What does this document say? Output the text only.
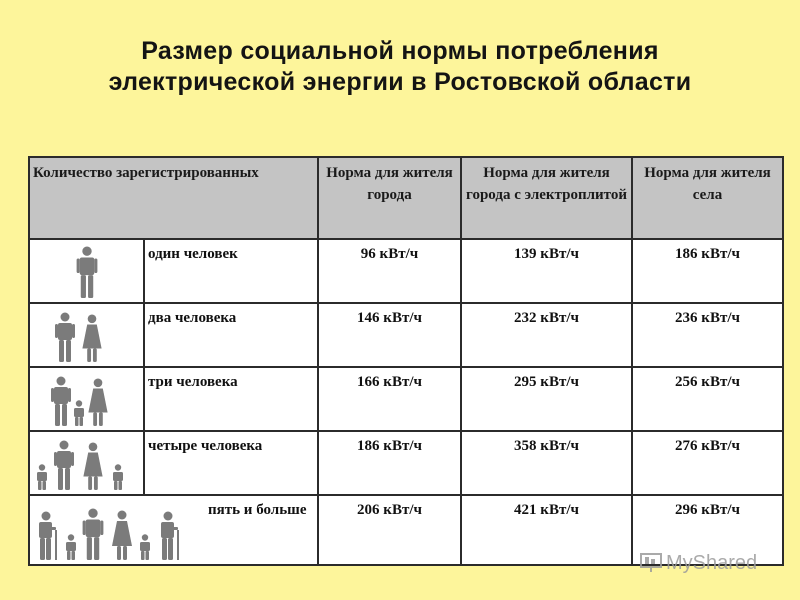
Размер социальной нормы потребления
электрической энергии в Ростовской области
Количество зарегистрированных		Норма для жителя города	Норма для жителя города с электроплитой	Норма для жителя села

	один человек	96 кВт/ч	139 кВт/ч	186 кВт/ч

	два человека	146 кВт/ч	232 кВт/ч	236 кВт/ч

	три человека	166 кВт/ч	295 кВт/ч	256 кВт/ч

	четыре человека	186 кВт/ч	358 кВт/ч	276 кВт/ч

пять и больше		206 кВт/ч	421 кВт/ч	296 кВт/ч
MyShared
